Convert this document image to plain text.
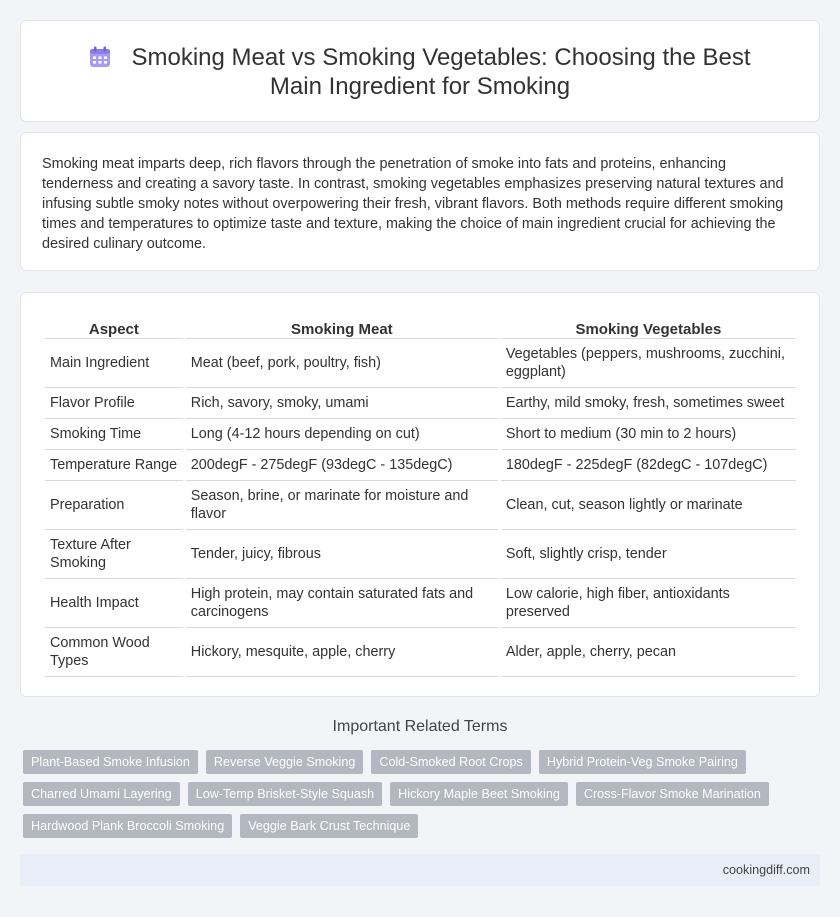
Smoking Meat vs Smoking Vegetables: Choosing the Best Main Ingredient for Smoking

Smoking meat imparts deep, rich flavors through the penetration of smoke into fats and proteins, enhancing tenderness and creating a savory taste. In contrast, smoking vegetables emphasizes preserving natural textures and infusing subtle smoky notes without overpowering their fresh, vibrant flavors. Both methods require different smoking times and temperatures to optimize taste and texture, making the choice of main ingredient crucial for achieving the desired culinary outcome.

Aspect	Smoking Meat	Smoking Vegetables
Main Ingredient	Meat (beef, pork, poultry, fish)	Vegetables (peppers, mushrooms, zucchini, eggplant)
Flavor Profile	Rich, savory, smoky, umami	Earthy, mild smoky, fresh, sometimes sweet
Smoking Time	Long (4-12 hours depending on cut)	Short to medium (30 min to 2 hours)
Temperature Range	200degF - 275degF (93degC - 135degC)	180degF - 225degF (82degC - 107degC)
Preparation	Season, brine, or marinate for moisture and flavor	Clean, cut, season lightly or marinate
Texture After Smoking	Tender, juicy, fibrous	Soft, slightly crisp, tender
Health Impact	High protein, may contain saturated fats and carcinogens	Low calorie, high fiber, antioxidants preserved
Common Wood Types	Hickory, mesquite, apple, cherry	Alder, apple, cherry, pecan
Important Related Terms
Plant-Based Smoke Infusion	Reverse Veggie Smoking	Cold-Smoked Root Crops	Hybrid Protein-Veg Smoke Pairing
Charred Umami Layering	Low-Temp Brisket-Style Squash	Hickory Maple Beet Smoking	Cross-Flavor Smoke Marination
Hardwood Plank Broccoli Smoking	Veggie Bark Crust Technique
cookingdiff.com
